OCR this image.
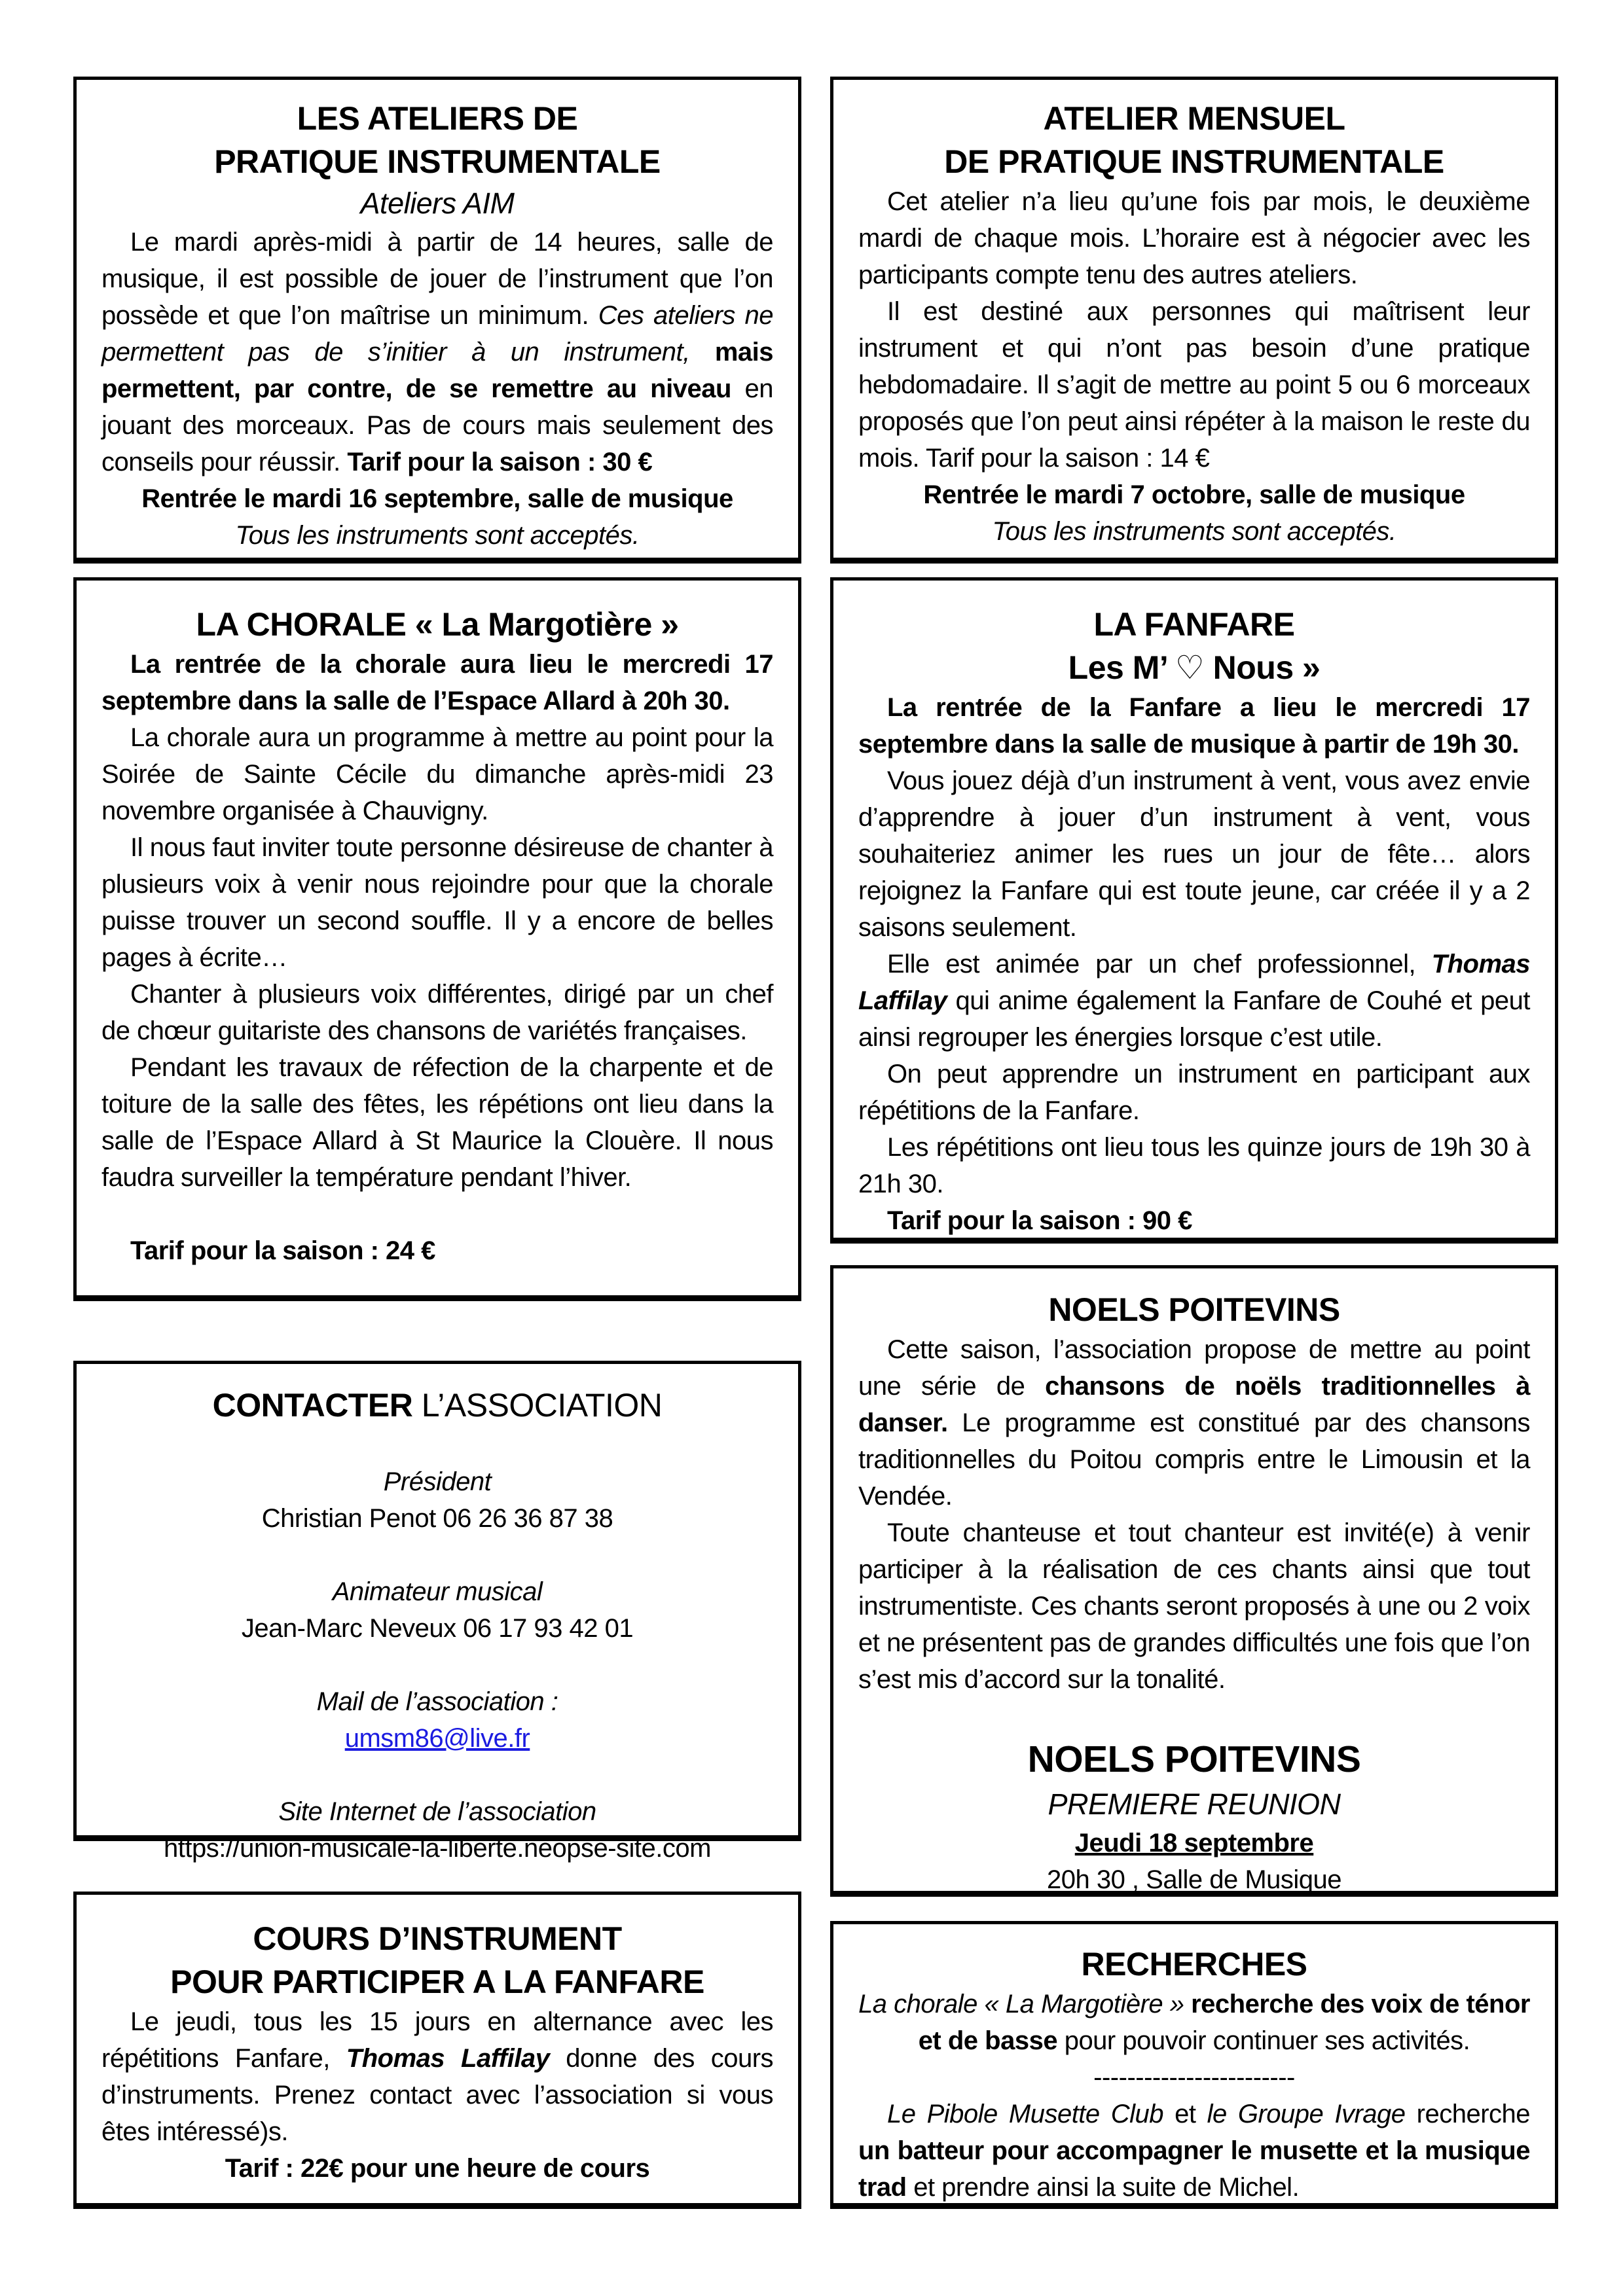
LES ATELIERS DE
PRATIQUE INSTRUMENTALE
Ateliers AIM
Le mardi après-midi à partir de 14 heures, salle de musique, il est possible de jouer de l’instrument que l’on possède et que l’on maîtrise un minimum. Ces ateliers ne permettent pas de s’initier à un instrument, mais permettent, par contre, de se remettre au niveau en jouant des morceaux. Pas de cours mais seulement des conseils pour réussir. Tarif pour la saison : 30 €
Rentrée le mardi 16 septembre, salle de musique
Tous les instruments sont acceptés.
ATELIER MENSUEL
DE PRATIQUE INSTRUMENTALE
Cet atelier n’a lieu qu’une fois par mois, le deuxième mardi de chaque mois. L’horaire est à négocier avec les participants compte tenu des autres ateliers.
Il est destiné aux personnes qui maîtrisent leur instrument et qui n’ont pas besoin d’une pratique hebdomadaire. Il s’agit de mettre au point 5 ou 6 morceaux proposés que l’on peut ainsi répéter à la maison le reste du mois. Tarif pour la saison : 14 €
Rentrée le mardi 7 octobre, salle de musique
Tous les instruments sont acceptés.
LA CHORALE « La Margotière »
La rentrée de la chorale aura lieu le mercredi 17 septembre dans la salle de l’Espace Allard à 20h 30.
La chorale aura un programme à mettre au point pour la Soirée de Sainte Cécile du dimanche après-midi 23 novembre organisée à Chauvigny.
Il nous faut inviter toute personne désireuse de chanter à plusieurs voix à venir nous rejoindre pour que la chorale puisse trouver un second souffle. Il y a encore de belles pages à écrite…
Chanter à plusieurs voix différentes, dirigé par un chef de chœur guitariste des chansons de variétés françaises.
Pendant les travaux de réfection de la charpente et de toiture de la salle des fêtes, les répétions ont lieu dans la salle de l’Espace Allard à St Maurice la Clouère. Il nous faudra surveiller la température pendant l’hiver.
Tarif pour la saison : 24 €
LA FANFARE
Les M’ ♡ Nous »
La rentrée de la Fanfare a lieu le mercredi 17 septembre dans la salle de musique à partir de 19h 30.
Vous jouez déjà d’un instrument à vent, vous avez envie d’apprendre à jouer d’un instrument à vent, vous souhaiteriez animer les rues un jour de fête… alors rejoignez la Fanfare qui est toute jeune, car créée il y a 2 saisons seulement.
Elle est animée par un chef professionnel, Thomas Laffilay qui anime également la Fanfare de Couhé et peut ainsi regrouper les énergies lorsque c’est utile.
On peut apprendre un instrument en participant aux répétitions de la Fanfare.
Les répétitions ont lieu tous les quinze jours de 19h 30 à 21h 30.
Tarif pour la saison : 90 €
NOELS POITEVINS
Cette saison, l’association propose de mettre au point une série de chansons de noëls traditionnelles à danser. Le programme est constitué par des chansons traditionnelles du Poitou compris entre le Limousin et la Vendée.
Toute chanteuse et tout chanteur est invité(e) à venir participer à la réalisation de ces chants ainsi que tout instrumentiste. Ces chants seront proposés à une ou 2 voix et ne présentent pas de grandes difficultés une fois que l’on s’est mis d’accord sur la tonalité.
NOELS POITEVINS
PREMIERE REUNION
Jeudi 18 septembre
20h 30 , Salle de Musique
CONTACTER L’ASSOCIATION
Président
Christian Penot 06 26 36 87 38
Animateur musical
Jean-Marc Neveux 06 17 93 42 01
Mail de l’association :
umsm86@live.fr
Site Internet de l’association
https://union-musicale-la-liberte.neopse-site.com
COURS D’INSTRUMENT
POUR PARTICIPER A LA FANFARE
Le jeudi, tous les 15 jours en alternance avec les répétitions Fanfare, Thomas Laffilay donne des cours d’instruments. Prenez contact avec l’association si vous êtes intéressé)s.
Tarif : 22€ pour une heure de cours
RECHERCHES
La chorale « La Margotière » recherche des voix de ténor et de basse pour pouvoir continuer ses activités.
------------------------
Le Pibole Musette Club et le Groupe Ivrage recherche un batteur pour accompagner le musette et la musique trad et prendre ainsi la suite de Michel.
